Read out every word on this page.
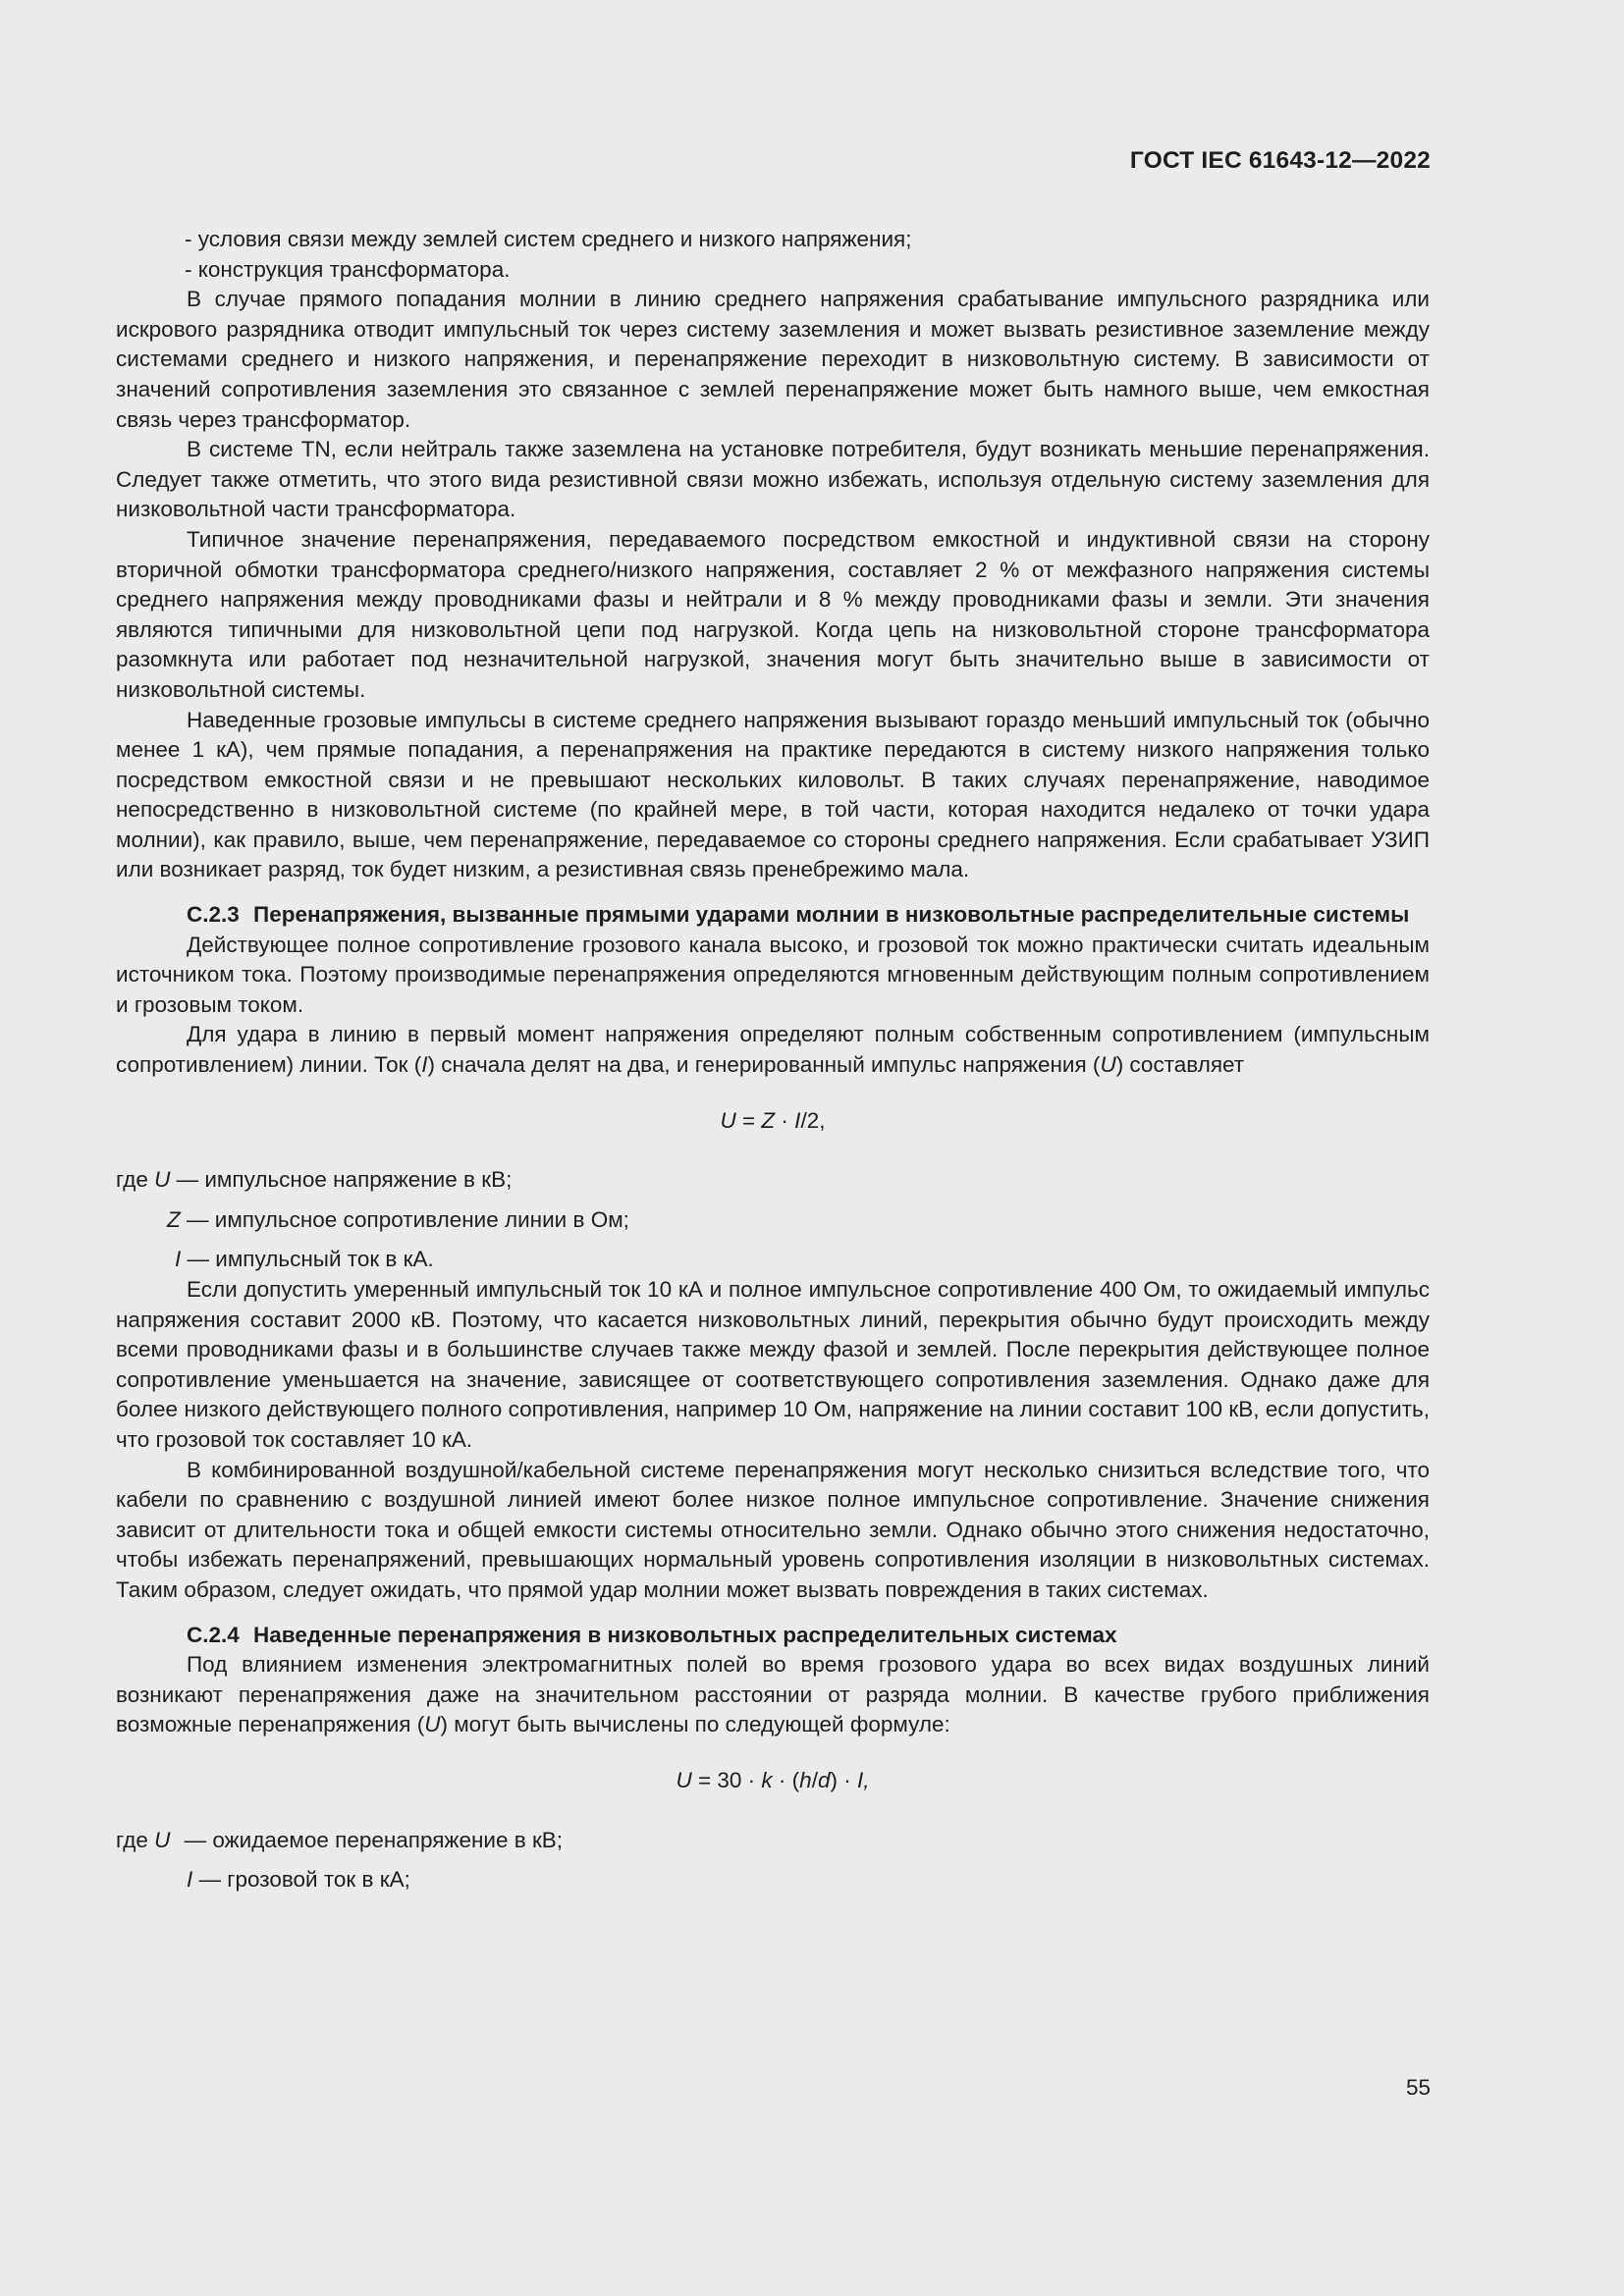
ГОСТ IEC 61643-12—2022

- условия связи между землей систем среднего и низкого напряжения;

- конструкция трансформатора.

В случае прямого попадания молнии в линию среднего напряжения срабатывание импульсного разрядника или искрового разрядника отводит импульсный ток через систему заземления и может вызвать резистивное заземление между системами среднего и низкого напряжения, и перенапряжение переходит в низковольтную систему. В зависимости от значений сопротивления заземления это связанное с землей перенапряжение может быть намного выше, чем емкостная связь через трансформатор.

В системе TN, если нейтраль также заземлена на установке потребителя, будут возникать меньшие перенапряжения. Следует также отметить, что этого вида резистивной связи можно избежать, используя отдельную систему заземления для низковольтной части трансформатора.

Типичное значение перенапряжения, передаваемого посредством емкостной и индуктивной связи на сторону вторичной обмотки трансформатора среднего/низкого напряжения, составляет 2 % от межфазного напряжения системы среднего напряжения между проводниками фазы и нейтрали и 8 % между проводниками фазы и земли. Эти значения являются типичными для низковольтной цепи под нагрузкой. Когда цепь на низковольтной стороне трансформатора разомкнута или работает под незначительной нагрузкой, значения могут быть значительно выше в зависимости от низковольтной системы.

Наведенные грозовые импульсы в системе среднего напряжения вызывают гораздо меньший импульсный ток (обычно менее 1 кА), чем прямые попадания, а перенапряжения на практике передаются в систему низкого напряжения только посредством емкостной связи и не превышают нескольких киловольт. В таких случаях перенапряжение, наводимое непосредственно в низковольтной системе (по крайней мере, в той части, которая находится недалеко от точки удара молнии), как правило, выше, чем перенапряжение, передаваемое со стороны среднего напряжения. Если срабатывает УЗИП или возникает разряд, ток будет низким, а резистивная связь пренебрежимо мала.

C.2.3 Перенапряжения, вызванные прямыми ударами молнии в низковольтные распределительные системы

Действующее полное сопротивление грозового канала высоко, и грозовой ток можно практически считать идеальным источником тока. Поэтому производимые перенапряжения определяются мгновенным действующим полным сопротивлением и грозовым током.

Для удара в линию в первый момент напряжения определяют полным собственным сопротивлением (импульсным сопротивлением) линии. Ток (I) сначала делят на два, и генерированный импульс напряжения (U) составляет

U = Z · I/2,

где U — импульсное напряжение в кВ;

Z — импульсное сопротивление линии в Ом;

I — импульсный ток в кА.

Если допустить умеренный импульсный ток 10 кА и полное импульсное сопротивление 400 Ом, то ожидаемый импульс напряжения составит 2000 кВ. Поэтому, что касается низковольтных линий, перекрытия обычно будут происходить между всеми проводниками фазы и в большинстве случаев также между фазой и землей. После перекрытия действующее полное сопротивление уменьшается на значение, зависящее от соответствующего сопротивления заземления. Однако даже для более низкого действующего полного сопротивления, например 10 Ом, напряжение на линии составит 100 кВ, если допустить, что грозовой ток составляет 10 кА.

В комбинированной воздушной/кабельной системе перенапряжения могут несколько снизиться вследствие того, что кабели по сравнению с воздушной линией имеют более низкое полное импульсное сопротивление. Значение снижения зависит от длительности тока и общей емкости системы относительно земли. Однако обычно этого снижения недостаточно, чтобы избежать перенапряжений, превышающих нормальный уровень сопротивления изоляции в низковольтных системах. Таким образом, следует ожидать, что прямой удар молнии может вызвать повреждения в таких системах.

C.2.4 Наведенные перенапряжения в низковольтных распределительных системах

Под влиянием изменения электромагнитных полей во время грозового удара во всех видах воздушных линий возникают перенапряжения даже на значительном расстоянии от разряда молнии. В качестве грубого приближения возможные перенапряжения (U) могут быть вычислены по следующей формуле:

U = 30 · k · (h/d) · I,

где U — ожидаемое перенапряжение в кВ;

I — грозовой ток в кА;

55
